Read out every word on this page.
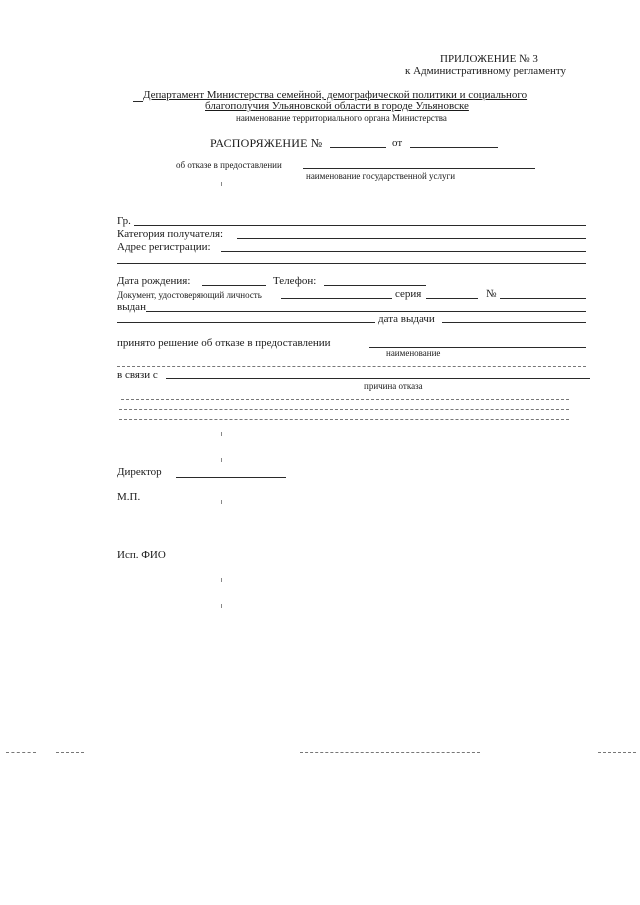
ПРИЛОЖЕНИЕ № 3
к Административному регламенту
Департамент Министерства семейной, демографической политики и социального
благополучия Ульяновской области в городе Ульяновске
наименование территориального органа Министерства
РАСПОРЯЖЕНИЕ №	от
об отказе в предоставлении
наименование государственной услуги
Гр.
Категория получателя:
Адрес регистрации:
Дата рождения:	Телефон:
Документ, удостоверяющий личность	серия	№
выдан
дата выдачи
принято решение об отказе в предоставлении
наименование
в связи с
причина отказа
Директор
М.П.
Исп. ФИО
